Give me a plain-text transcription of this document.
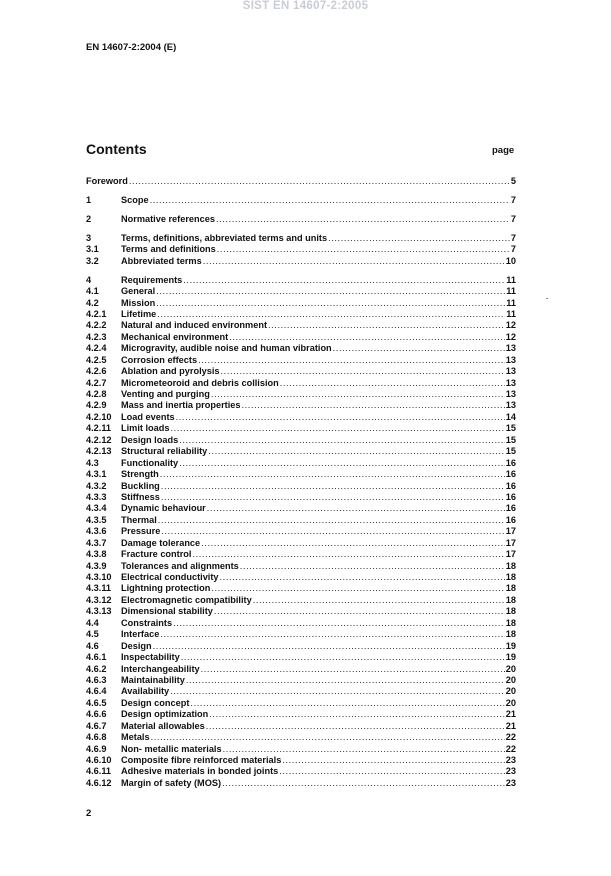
SIST EN 14607-2:2005
EN 14607-2:2004 (E)
Contents	page
Foreword .....	5
1	Scope .....	7
2	Normative references .....	7
3	Terms, definitions, abbreviated terms and units .....	7
3.1	Terms and definitions .....	7
3.2	Abbreviated terms .....	10
4	Requirements .....	11
4.1	General .....	11
4.2	Mission .....	11
4.2.1	Lifetime .....	11
4.2.2	Natural and induced environment .....	12
4.2.3	Mechanical environment .....	12
4.2.4	Microgravity, audible noise and human vibration .....	13
4.2.5	Corrosion effects .....	13
4.2.6	Ablation and pyrolysis .....	13
4.2.7	Micrometeoroid and debris collision .....	13
4.2.8	Venting and purging .....	13
4.2.9	Mass and inertia properties .....	13
4.2.10	Load events .....	14
4.2.11	Limit loads .....	15
4.2.12	Design loads .....	15
4.2.13	Structural reliability .....	15
4.3	Functionality .....	16
4.3.1	Strength .....	16
4.3.2	Buckling .....	16
4.3.3	Stiffness .....	16
4.3.4	Dynamic behaviour .....	16
4.3.5	Thermal .....	16
4.3.6	Pressure .....	17
4.3.7	Damage tolerance .....	17
4.3.8	Fracture control .....	17
4.3.9	Tolerances and alignments .....	18
4.3.10	Electrical conductivity .....	18
4.3.11	Lightning protection .....	18
4.3.12	Electromagnetic compatibility .....	18
4.3.13	Dimensional stability .....	18
4.4	Constraints .....	18
4.5	Interface .....	18
4.6	Design .....	19
4.6.1	Inspectability .....	19
4.6.2	Interchangeability .....	20
4.6.3	Maintainability .....	20
4.6.4	Availability .....	20
4.6.5	Design concept .....	20
4.6.6	Design optimization .....	21
4.6.7	Material allowables .....	21
4.6.8	Metals .....	22
4.6.9	Non- metallic materials .....	22
4.6.10	Composite fibre reinforced materials .....	23
4.6.11	Adhesive materials in bonded joints .....	23
4.6.12	Margin of safety (MOS) .....	23
2
